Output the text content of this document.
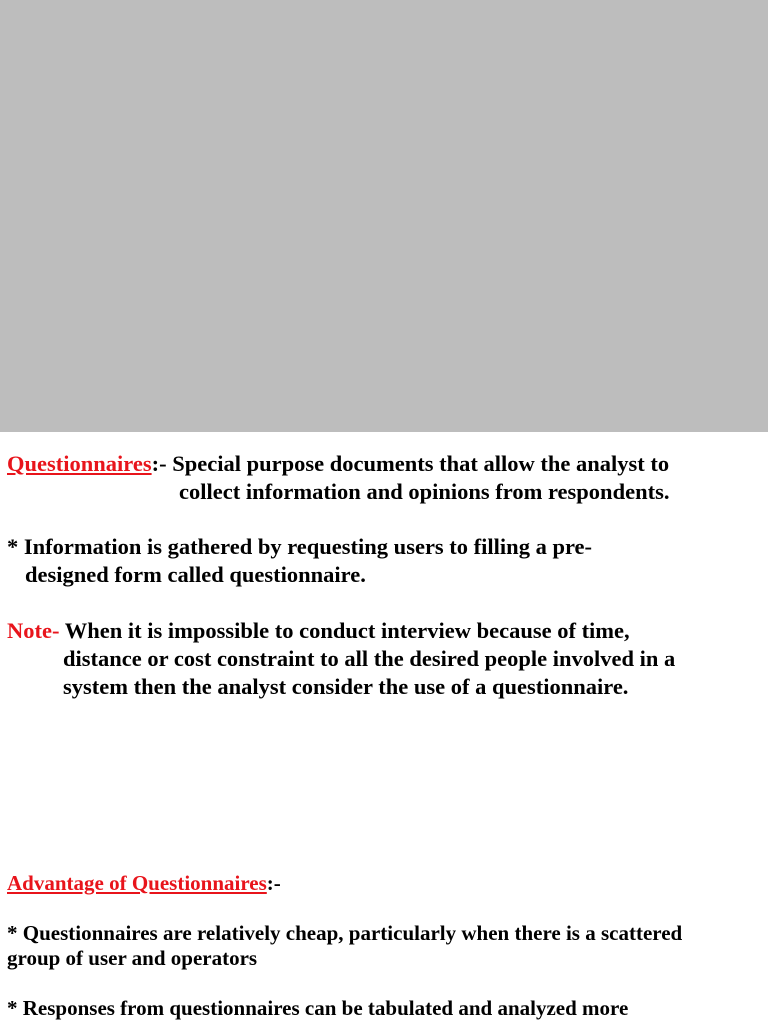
Questionnaires:- Special purpose documents that allow the analyst to
collect information and opinions from respondents.
* Information is gathered by requesting users to filling a pre-
designed form called questionnaire.
Note- When it is impossible to conduct interview because of time,
distance or cost constraint to all the desired people involved in a
system then the analyst consider the use of a questionnaire.
Advantage of Questionnaires:-
* Questionnaires are relatively cheap, particularly when there is a scattered
group of user and operators
* Responses from questionnaires can be tabulated and analyzed more
